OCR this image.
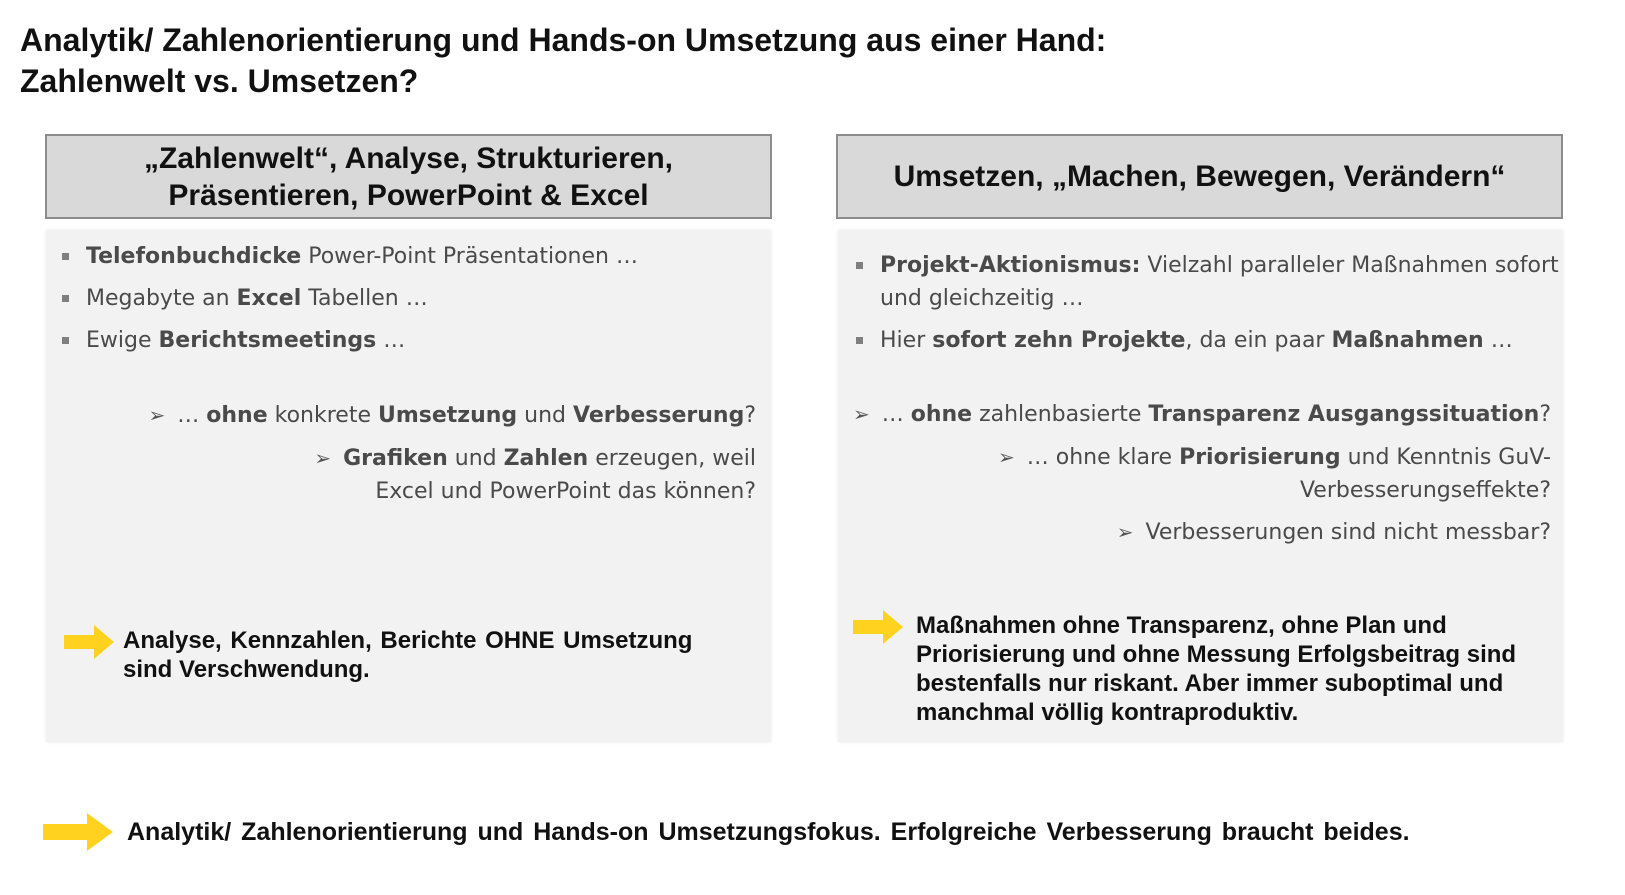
Analytik/ Zahlenorientierung und Hands-on Umsetzung aus einer Hand:
Zahlenwelt vs. Umsetzen?
„Zahlenwelt“, Analyse, Strukturieren,
Präsentieren, PowerPoint & Excel
Telefonbuchdicke Power-Point Präsentationen …
Megabyte an Excel Tabellen …
Ewige Berichtsmeetings …
➢ … ohne konkrete Umsetzung und Verbesserung?
➢ Grafiken und Zahlen erzeugen, weil
Excel und PowerPoint das können?
Analyse, Kennzahlen, Berichte OHNE Umsetzung
sind Verschwendung.
Umsetzen, „Machen, Bewegen, Verändern“
Projekt-Aktionismus: Vielzahl paralleler Maßnahmen sofort
und gleichzeitig …
Hier sofort zehn Projekte, da ein paar Maßnahmen …
➢ … ohne zahlenbasierte Transparenz Ausgangssituation?
➢ … ohne klare Priorisierung und Kenntnis GuV-
Verbesserungseffekte?
➢ Verbesserungen sind nicht messbar?
Maßnahmen ohne Transparenz, ohne Plan und
Priorisierung und ohne Messung Erfolgsbeitrag sind
bestenfalls nur riskant. Aber immer suboptimal und
manchmal völlig kontraproduktiv.
Analytik/ Zahlenorientierung und Hands-on Umsetzungsfokus. Erfolgreiche Verbesserung braucht beides.
